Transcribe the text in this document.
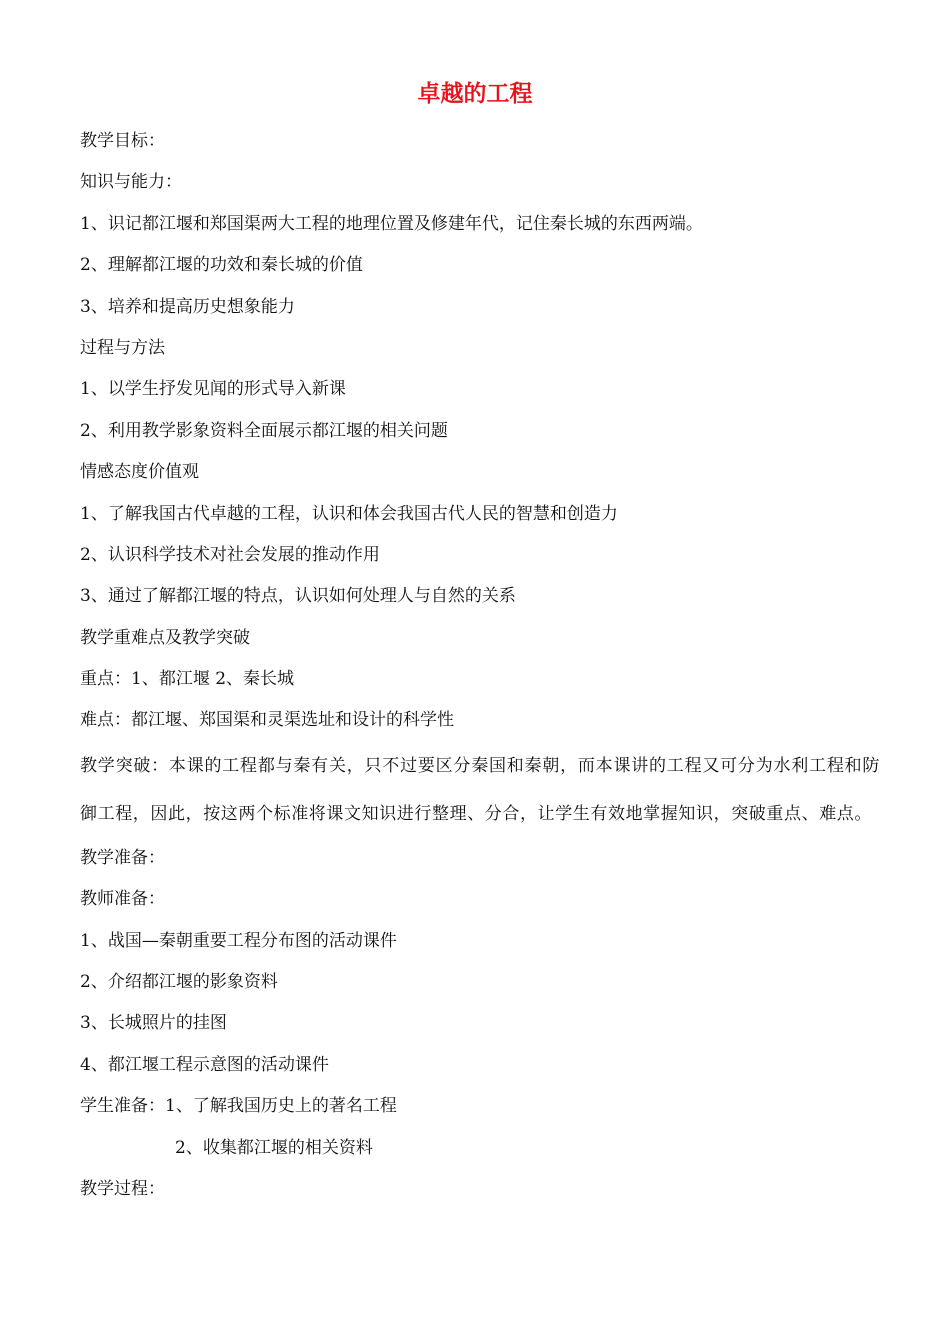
卓越的工程

教学目标：

知识与能力：

1、识记都江堰和郑国渠两大工程的地理位置及修建年代，记住秦长城的东西两端。

2、理解都江堰的功效和秦长城的价值

3、培养和提高历史想象能力

过程与方法

1、以学生抒发见闻的形式导入新课

2、利用教学影象资料全面展示都江堰的相关问题

情感态度价值观

1、了解我国古代卓越的工程，认识和体会我国古代人民的智慧和创造力

2、认识科学技术对社会发展的推动作用

3、通过了解都江堰的特点，认识如何处理人与自然的关系

教学重难点及教学突破

重点：1、都江堰 2、秦长城

难点：都江堰、郑国渠和灵渠选址和设计的科学性

教学突破：本课的工程都与秦有关，只不过要区分秦国和秦朝，而本课讲的工程又可分为水利工程和防御工程，因此，按这两个标准将课文知识进行整理、分合，让学生有效地掌握知识，突破重点、难点。

教学准备：

教师准备：

1、战国—秦朝重要工程分布图的活动课件

2、介绍都江堰的影象资料

3、长城照片的挂图

4、都江堰工程示意图的活动课件

学生准备：1、了解我国历史上的著名工程

2、收集都江堰的相关资料

教学过程：
